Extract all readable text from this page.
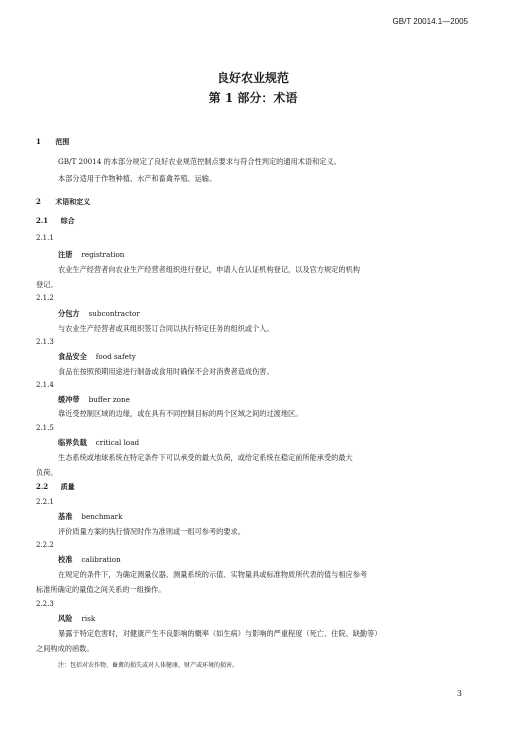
GB/T 20014.1—2005
良好农业规范
第 1 部分：术语
1 范围
GB/T 20014 的本部分规定了良好农业规范控制点要求与符合性判定的通用术语和定义。
本部分适用于作物种植、水产和畜禽养殖、运输。
2 术语和定义
2.1 综合
2.1.1
注册 registration
农业生产经营者向农业生产经营者组织进行登记，申请人在认证机构登记，以及官方规定的机构
登记。
2.1.2
分包方 subcontractor
与农业生产经营者或其组织签订合同以执行特定任务的组织或个人。
2.1.3
食品安全 food safety
食品在按照预期用途进行制备或食用时确保不会对消费者造成伤害。
2.1.4
缓冲带 buffer zone
靠近受控制区域的边缘，或在具有不同控制目标的两个区域之间的过渡地区。
2.1.5
临界负载 critical load
生态系统或地球系统在特定条件下可以承受的最大负荷，或给定系统在稳定前所能承受的最大
负荷。
2.2 质量
2.2.1
基准 benchmark
评价质量方案的执行情况时作为准则或一组可参考的要求。
2.2.2
校准 calibration
在规定的条件下，为确定测量仪器、测量系统的示值、实物量具或标准物质所代表的值与相应参考
标准所确定的量值之间关系的一组操作。
2.2.3
风险 risk
暴露于特定危害时，对健康产生不良影响的概率（如生病）与影响的严重程度（死亡、住院、缺勤等）
之间构成的函数。
注：包括对农作物、畜禽的损失或对人体健康、财产或环境的损害。
3
